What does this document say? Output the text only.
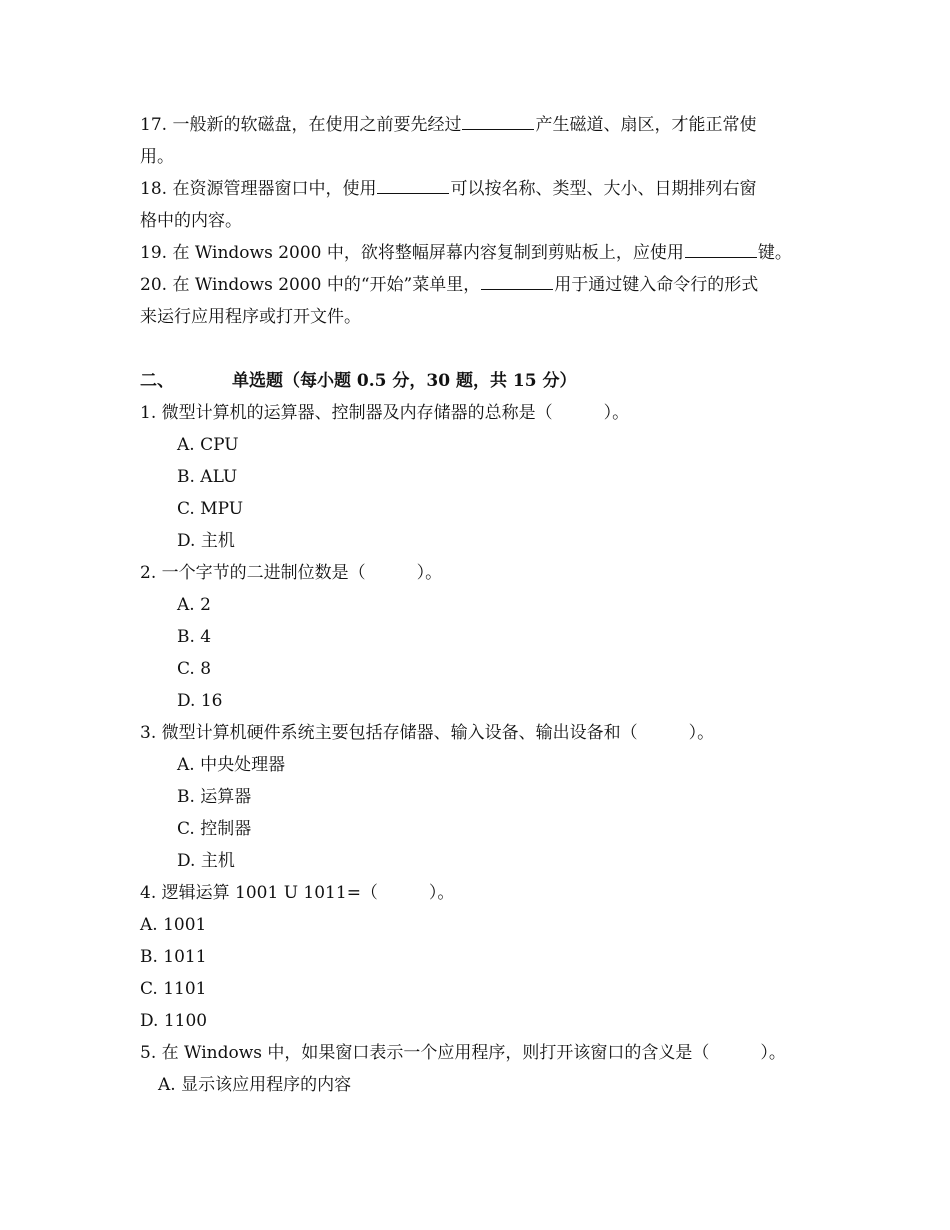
17. 一般新的软磁盘，在使用之前要先经过	产生磁道、扇区，才能正常使
用。
18. 在资源管理器窗口中，使用	可以按名称、类型、大小、日期排列右窗
格中的内容。
19. 在 Windows 2000 中，欲将整幅屏幕内容复制到剪贴板上，应使用	键。
20. 在 Windows 2000 中的“开始”菜单里，	用于通过键入命令行的形式
来运行应用程序或打开文件。
二、	单选题（每小题 0.5 分，30 题，共 15 分）
1. 微型计算机的运算器、控制器及内存储器的总称是（　　　）。
A. CPU
B. ALU
C. MPU
D. 主机
2. 一个字节的二进制位数是（　　　）。
A. 2
B. 4
C. 8
D. 16
3. 微型计算机硬件系统主要包括存储器、输入设备、输出设备和（　　　）。
A. 中央处理器
B. 运算器
C. 控制器
D. 主机
4. 逻辑运算 1001 U 1011=（　　　）。
A. 1001
B. 1011
C. 1101
D. 1100
5. 在 Windows 中，如果窗口表示一个应用程序，则打开该窗口的含义是（　　　）。
A. 显示该应用程序的内容
